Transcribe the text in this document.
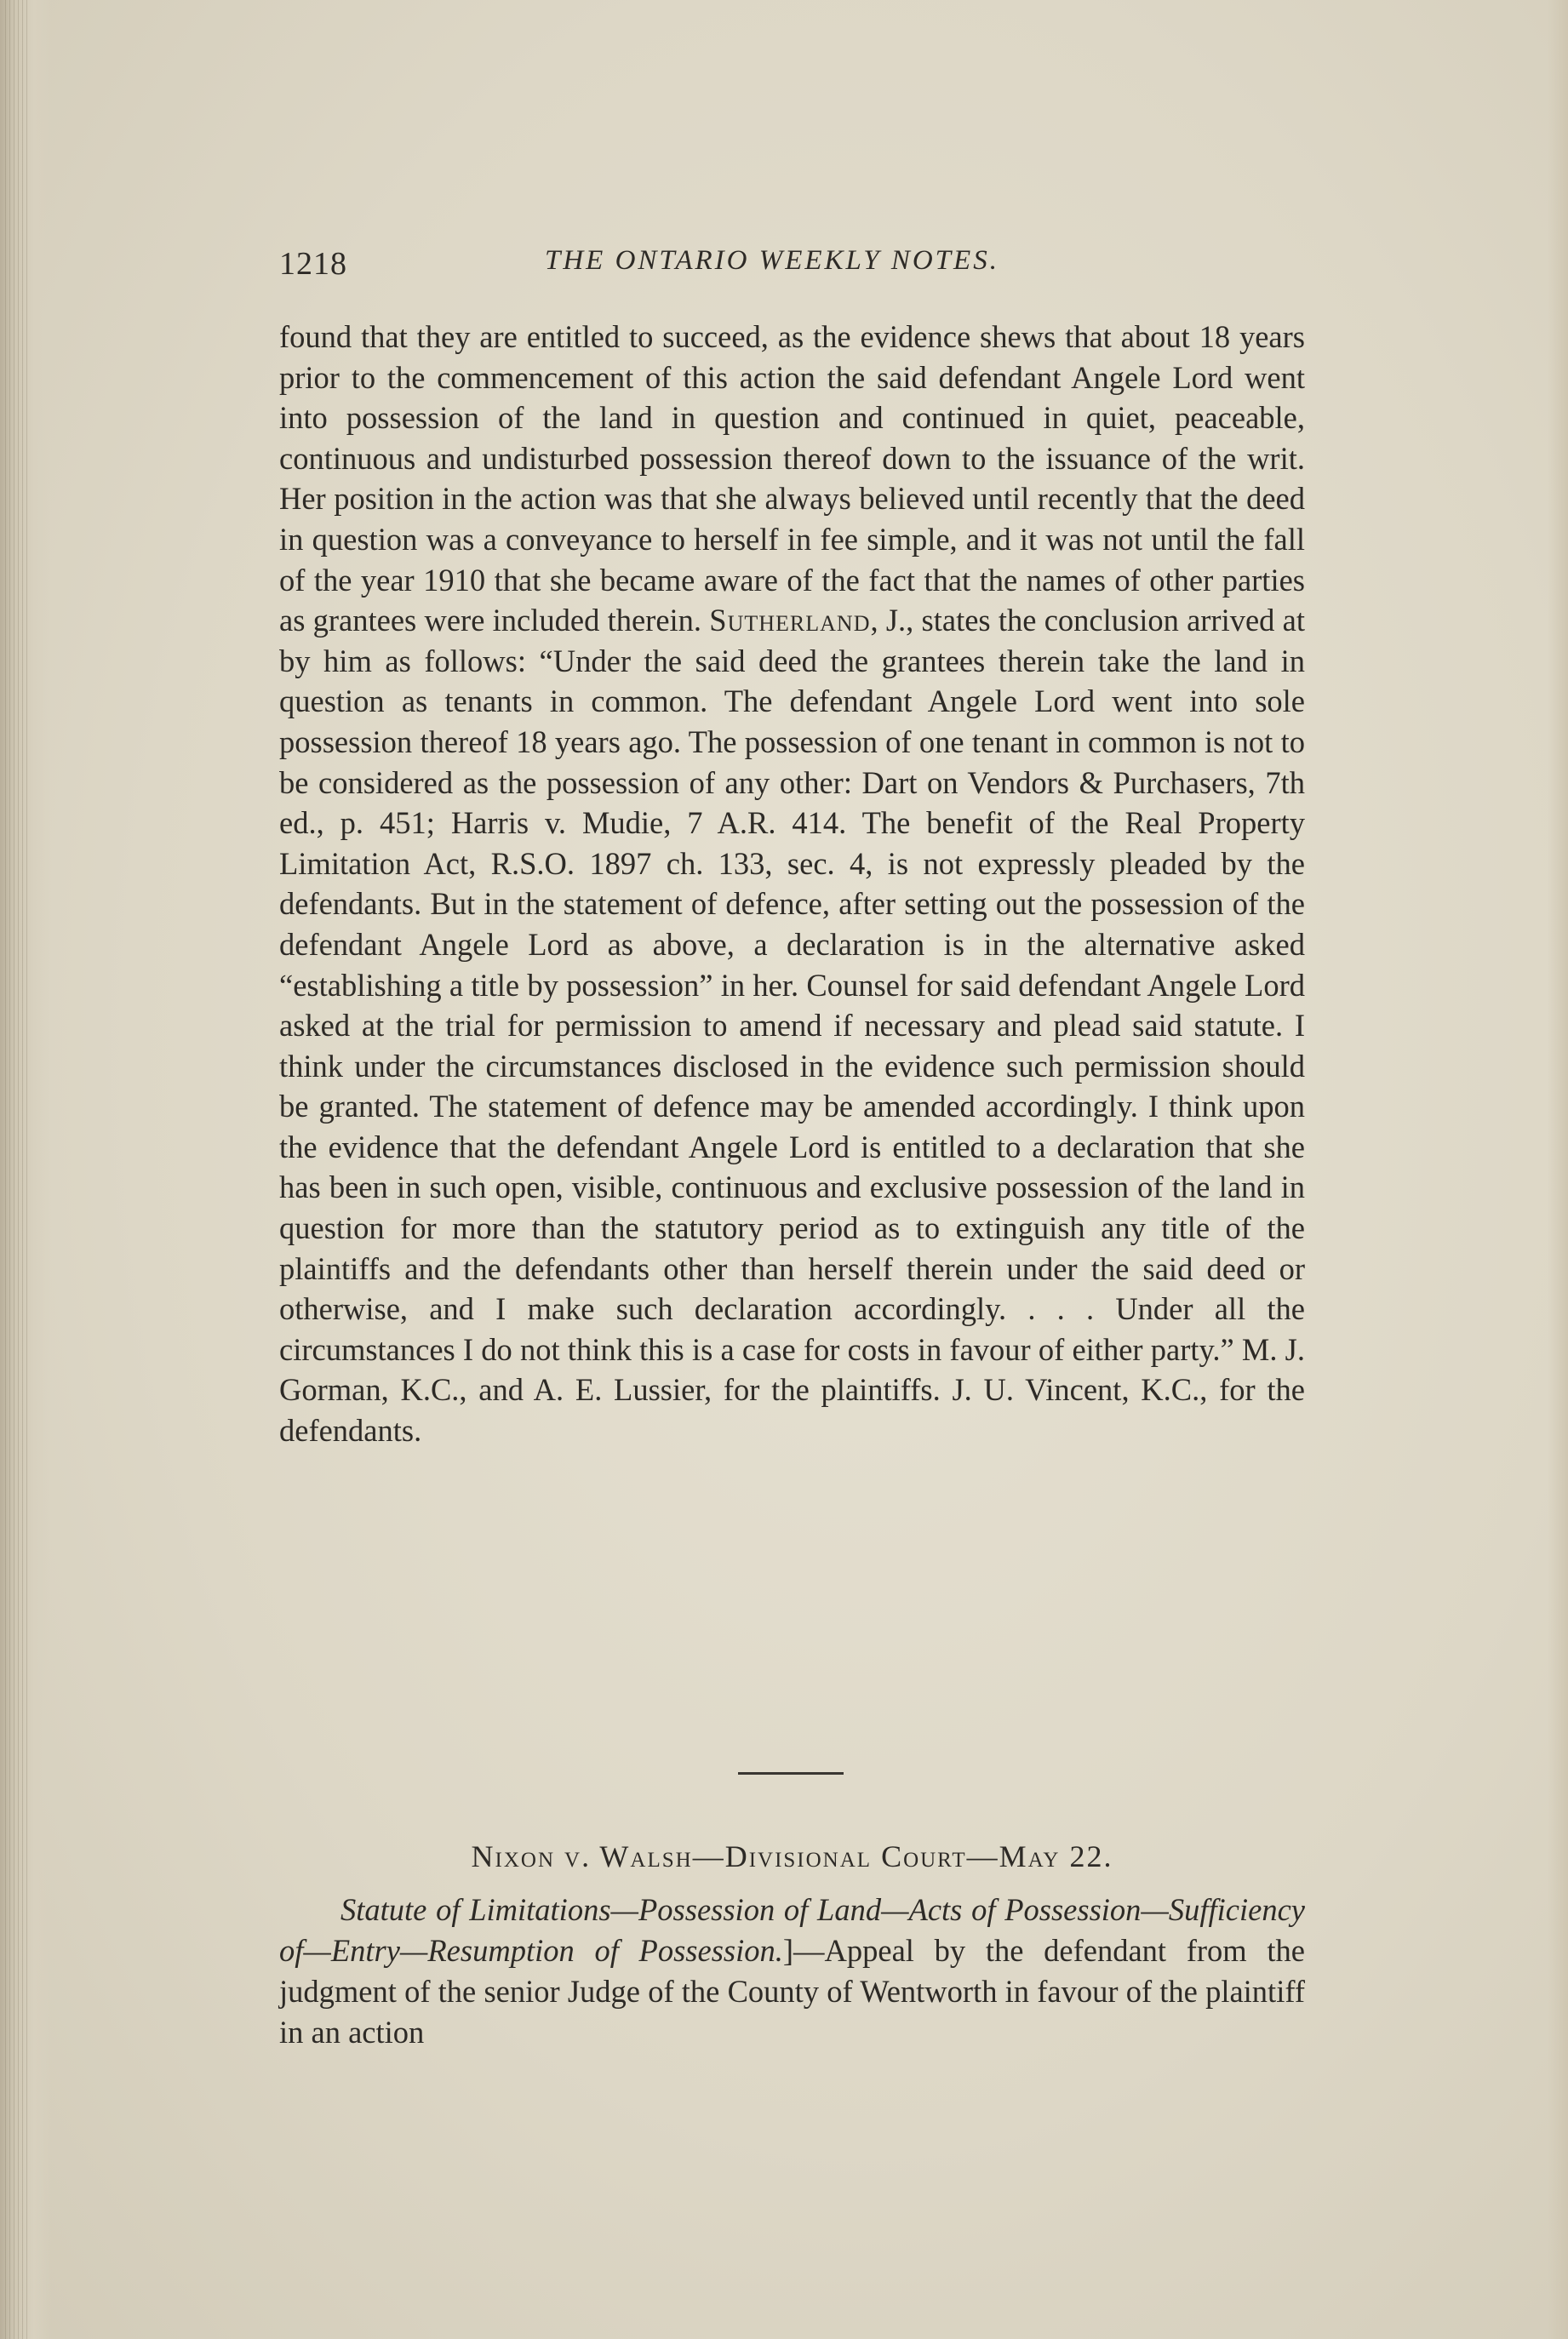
1218	THE ONTARIO WEEKLY NOTES.

found that they are entitled to succeed, as the evidence shews that about 18 years prior to the commencement of this action the said defendant Angele Lord went into possession of the land in question and continued in quiet, peaceable, continuous and undisturbed possession thereof down to the issuance of the writ. Her position in the action was that she always believed until recently that the deed in question was a conveyance to herself in fee simple, and it was not until the fall of the year 1910 that she became aware of the fact that the names of other parties as grantees were included therein. Sutherland, J., states the conclusion arrived at by him as follows: “Under the said deed the grantees therein take the land in question as tenants in common. The defendant Angele Lord went into sole possession thereof 18 years ago. The possession of one tenant in common is not to be considered as the possession of any other: Dart on Vendors & Purchasers, 7th ed., p. 451; Harris v. Mudie, 7 A.R. 414. The benefit of the Real Property Limitation Act, R.S.O. 1897 ch. 133, sec. 4, is not expressly pleaded by the defendants. But in the statement of defence, after setting out the possession of the defendant Angele Lord as above, a declaration is in the alternative asked “establishing a title by possession” in her. Counsel for said defendant Angele Lord asked at the trial for permission to amend if necessary and plead said statute. I think under the circumstances disclosed in the evidence such permission should be granted. The statement of defence may be amended accordingly. I think upon the evidence that the defendant Angele Lord is entitled to a declaration that she has been in such open, visible, continuous and exclusive possession of the land in question for more than the statutory period as to extinguish any title of the plaintiffs and the defendants other than herself therein under the said deed or otherwise, and I make such declaration accordingly. . . . Under all the circumstances I do not think this is a case for costs in favour of either party.” M. J. Gorman, K.C., and A. E. Lussier, for the plaintiffs. J. U. Vincent, K.C., for the defendants.

Nixon v. Walsh—Divisional Court—May 22.

Statute of Limitations—Possession of Land—Acts of Possession—Sufficiency of—Entry—Resumption of Possession.]—Appeal by the defendant from the judgment of the senior Judge of the County of Wentworth in favour of the plaintiff in an action
